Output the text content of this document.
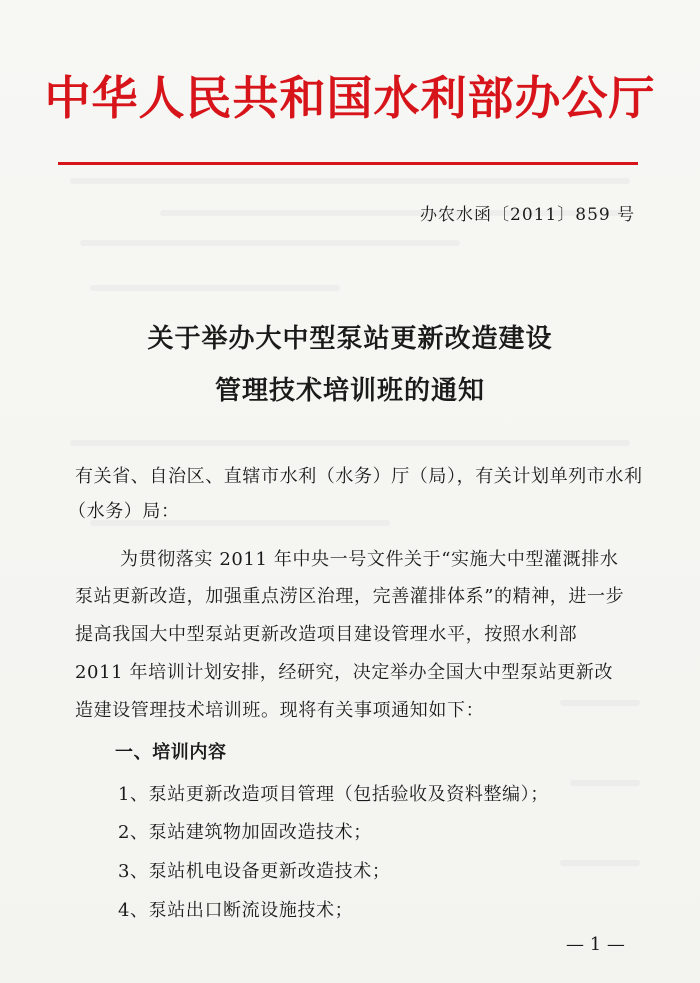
中华人民共和国水利部办公厅
办农水函〔2011〕859 号
关于举办大中型泵站更新改造建设
管理技术培训班的通知
有关省、自治区、直辖市水利（水务）厅（局），有关计划单列市水利
（水务）局：
为贯彻落实 2011 年中央一号文件关于“实施大中型灌溉排水
泵站更新改造，加强重点涝区治理，完善灌排体系”的精神，进一步
提高我国大中型泵站更新改造项目建设管理水平，按照水利部
2011 年培训计划安排，经研究，决定举办全国大中型泵站更新改
造建设管理技术培训班。现将有关事项通知如下：
一、培训内容
1、泵站更新改造项目管理（包括验收及资料整编）；
2、泵站建筑物加固改造技术；
3、泵站机电设备更新改造技术；
4、泵站出口断流设施技术；
— 1 —
